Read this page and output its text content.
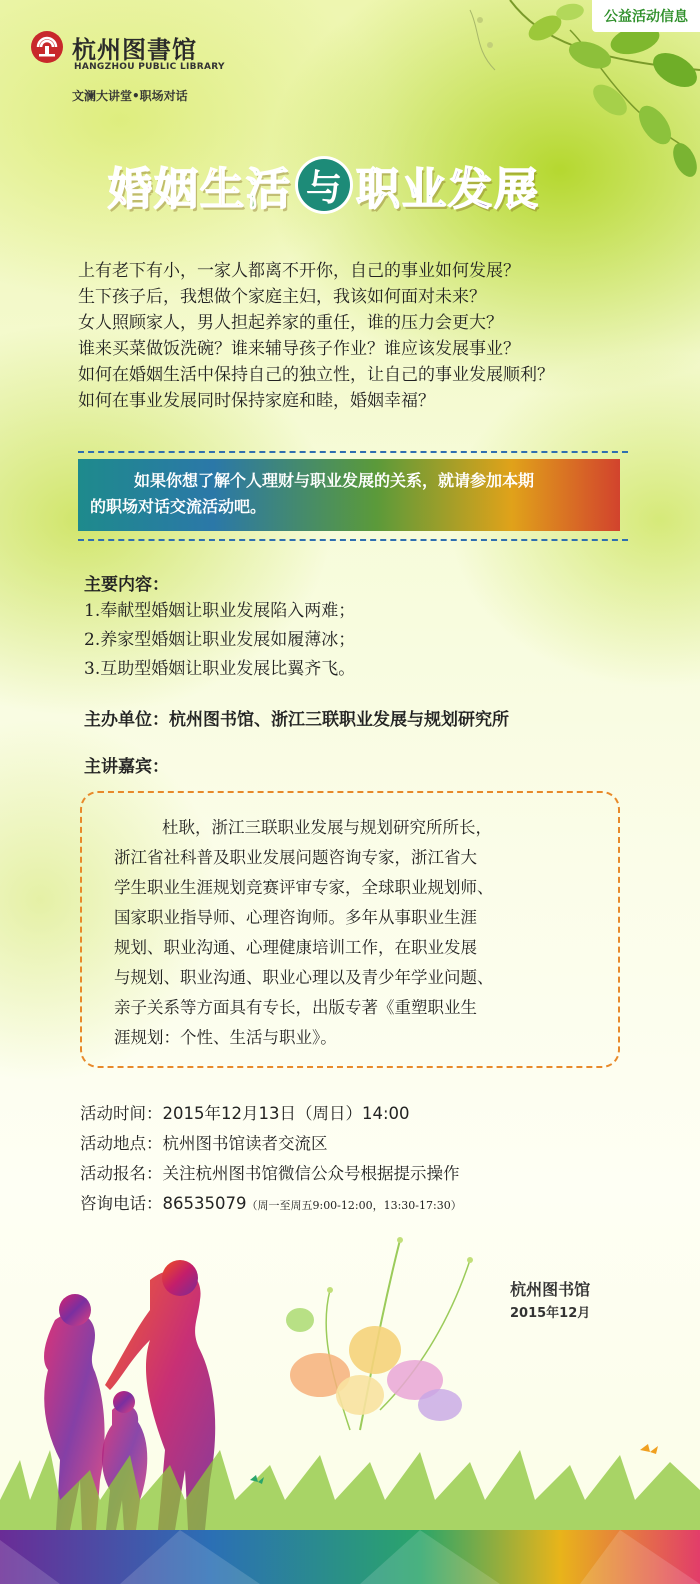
公益活动信息
杭州图書馆
HANGZHOU PUBLIC LIBRARY
文澜大讲堂•职场对话
婚 姻 生 活 与 职 业 发 展
上有老下有小，一家人都离不开你，自己的事业如何发展？
生下孩子后，我想做个家庭主妇，我该如何面对未来？
女人照顾家人，男人担起养家的重任，谁的压力会更大？
谁来买菜做饭洗碗？谁来辅导孩子作业？谁应该发展事业？
如何在婚姻生活中保持自己的独立性，让自己的事业发展顺利？
如何在事业发展同时保持家庭和睦，婚姻幸福？
如果你想了解个人理财与职业发展的关系，就请参加本期
的职场对话交流活动吧。
主要内容：
1.奉献型婚姻让职业发展陷入两难；
2.养家型婚姻让职业发展如履薄冰；
3.互助型婚姻让职业发展比翼齐飞。
主办单位：杭州图书馆、浙江三联职业发展与规划研究所
主讲嘉宾：
杜耿，浙江三联职业发展与规划研究所所长，
浙江省社科普及职业发展问题咨询专家，浙江省大
学生职业生涯规划竞赛评审专家，全球职业规划师、
国家职业指导师、心理咨询师。多年从事职业生涯
规划、职业沟通、心理健康培训工作，在职业发展
与规划、职业沟通、职业心理以及青少年学业问题、
亲子关系等方面具有专长，出版专著《重塑职业生
涯规划：个性、生活与职业》。
活动时间：2015年12月13日（周日）14:00
活动地点：杭州图书馆读者交流区
活动报名：关注杭州图书馆微信公众号根据提示操作
咨询电话：86535079（周一至周五9:00-12:00，13:30-17:30）
杭州图书馆
2015年12月
